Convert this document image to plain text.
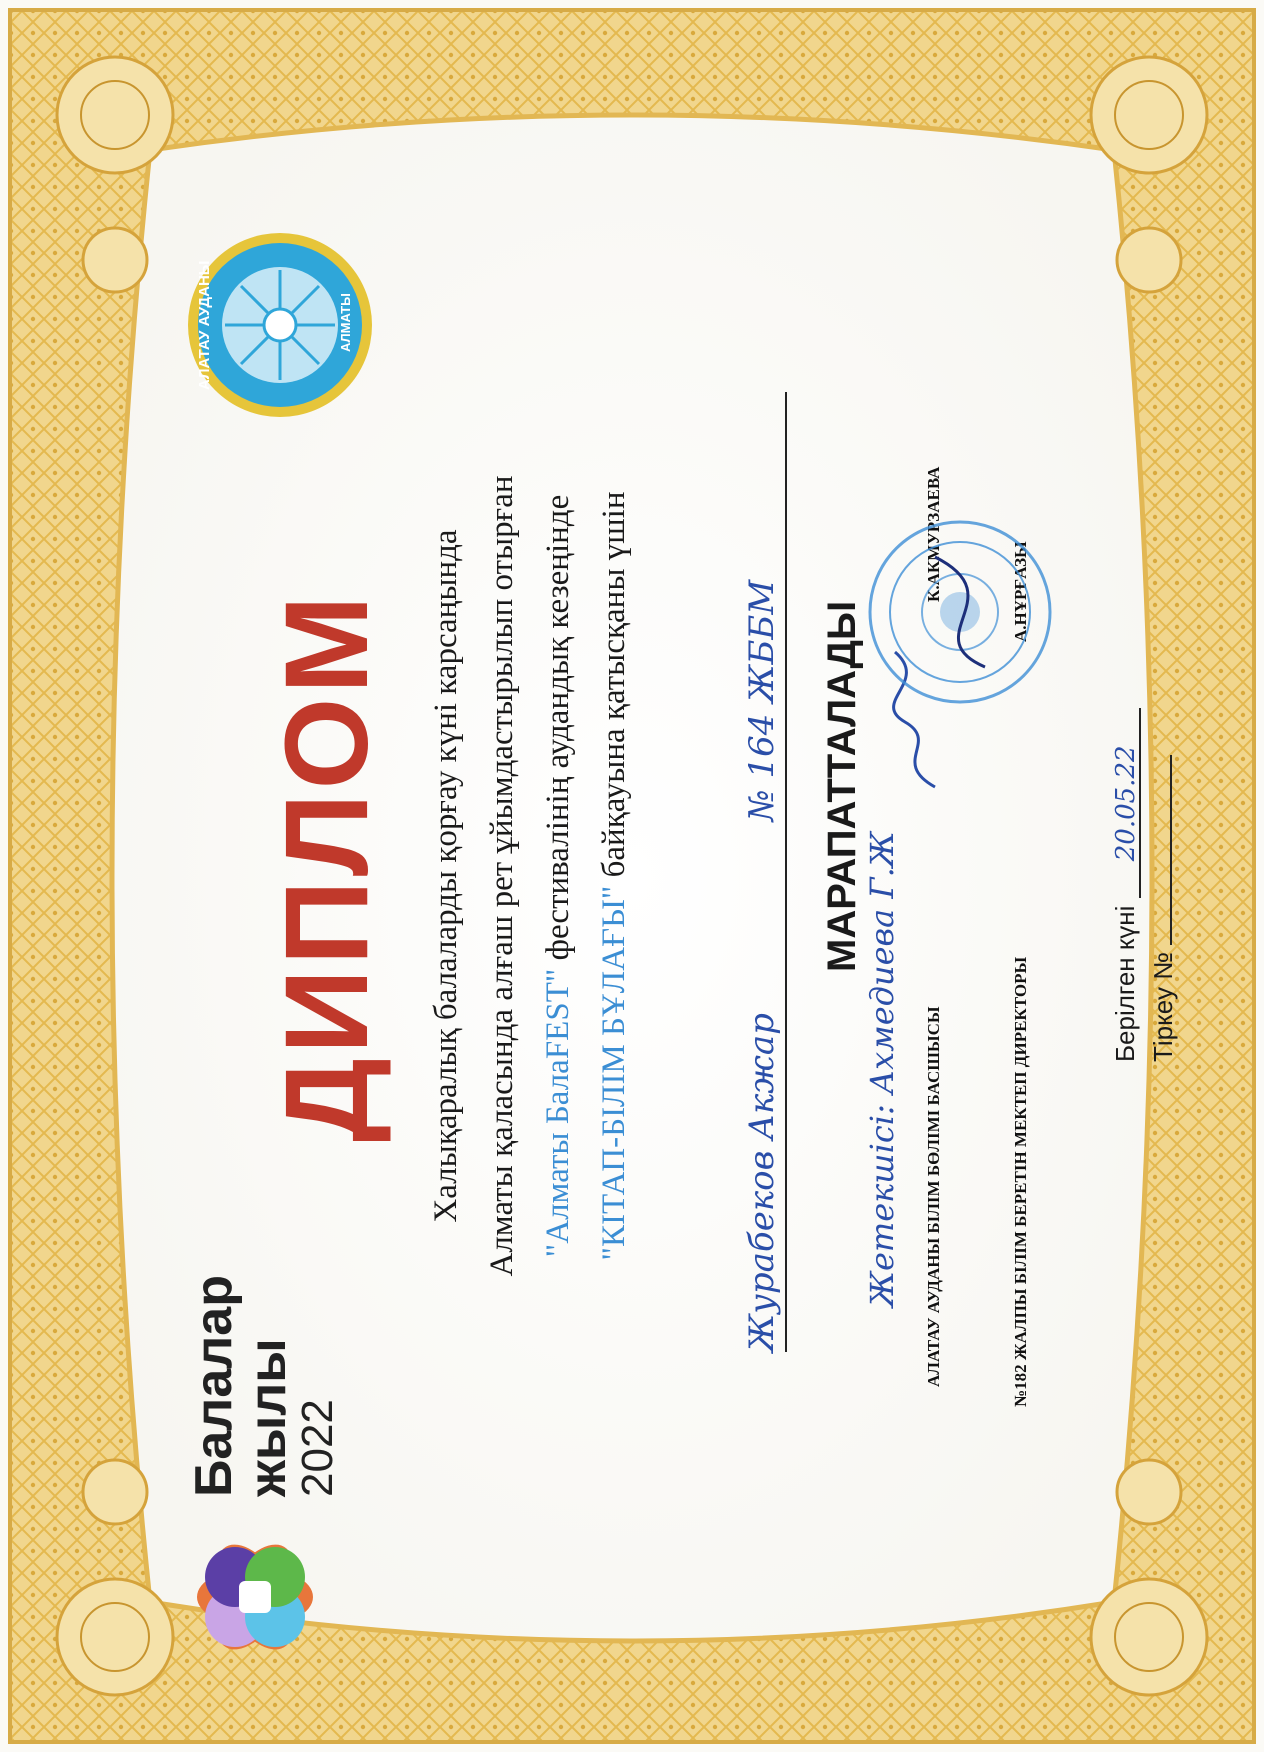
Балалар
жылы
2022
АЛАТАУ АУДАНЫ	АЛМАТЫ
ДИПЛОМ Халықаралық балаларды қорғау күні карсаңында Алматы қаласында алғаш рет ұйымдастырылып отырған "Алматы БалаFEST" фестивалінің аудандық кезеңінде
"КІТАП-БІЛІМ БҰЛАҒЫ" байқауына қатысқаны үшін
Журабеков Акжар  № 164 ЖББМ МАРАПАТТАЛАДЫ
Жетекшісі: Ахмедиева Г.Ж АЛАТАУ АУДАНЫ БІЛІМ БӨЛІМІ БАСШЫСЫ
К.АКМУРЗАЕВА
№182 ЖАЛПЫ БІЛІМ БЕРЕТІН МЕКТЕП ДИРЕКТОРЫ
А.НҰРҒАЗЫ
Берілген күні 20.05.22
Тіркеу №
